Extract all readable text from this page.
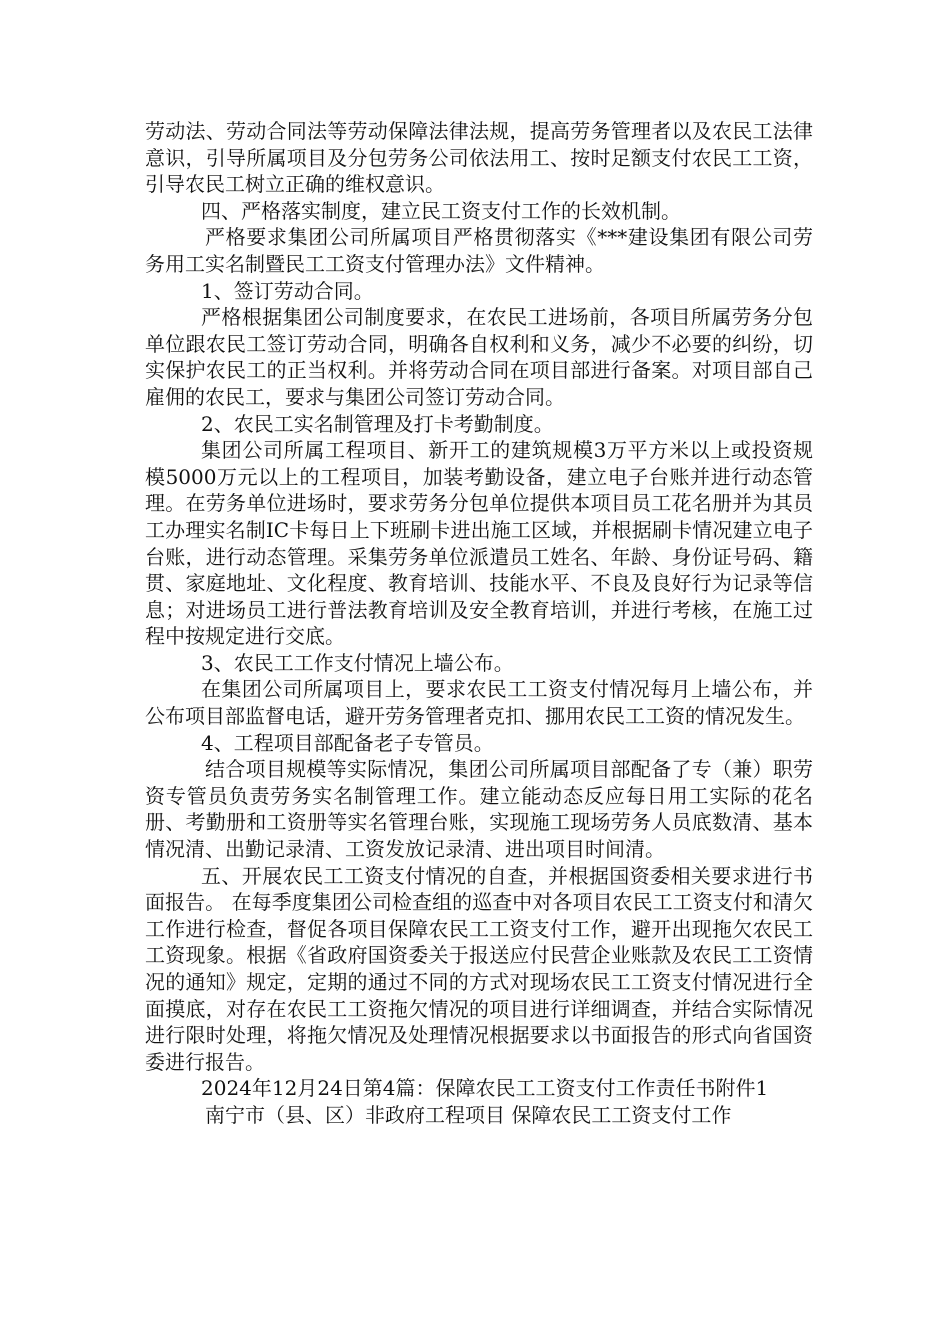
劳动法、劳动合同法等劳动保障法律法规，提高劳务管理者以及农民工法律意识，引导所属项目及分包劳务公司依法用工、按时足额支付农民工工资，引导农民工树立正确的维权意识。

四、严格落实制度，建立民工资支付工作的长效机制。

严格要求集团公司所属项目严格贯彻落实《***建设集团有限公司劳务用工实名制暨民工工资支付管理办法》文件精神。

1、签订劳动合同。

严格根据集团公司制度要求，在农民工进场前，各项目所属劳务分包单位跟农民工签订劳动合同，明确各自权利和义务，减少不必要的纠纷，切实保护农民工的正当权利。并将劳动合同在项目部进行备案。对项目部自己雇佣的农民工，要求与集团公司签订劳动合同。

2、农民工实名制管理及打卡考勤制度。

集团公司所属工程项目、新开工的建筑规模3万平方米以上或投资规模5000万元以上的工程项目，加装考勤设备，建立电子台账并进行动态管理。在劳务单位进场时，要求劳务分包单位提供本项目员工花名册并为其员工办理实名制IC卡每日上下班刷卡进出施工区域，并根据刷卡情况建立电子台账，进行动态管理。采集劳务单位派遣员工姓名、年龄、身份证号码、籍贯、家庭地址、文化程度、教育培训、技能水平、不良及良好行为记录等信息；对进场员工进行普法教育培训及安全教育培训，并进行考核，在施工过程中按规定进行交底。

3、农民工工作支付情况上墙公布。

在集团公司所属项目上，要求农民工工资支付情况每月上墙公布，并公布项目部监督电话，避开劳务管理者克扣、挪用农民工工资的情况发生。

4、工程项目部配备老子专管员。

结合项目规模等实际情况，集团公司所属项目部配备了专（兼）职劳资专管员负责劳务实名制管理工作。建立能动态反应每日用工实际的花名册、考勤册和工资册等实名管理台账，实现施工现场劳务人员底数清、基本情况清、出勤记录清、工资发放记录清、进出项目时间清。

五、开展农民工工资支付情况的自查，并根据国资委相关要求进行书面报告。 在每季度集团公司检查组的巡查中对各项目农民工工资支付和清欠工作进行检查，督促各项目保障农民工工资支付工作，避开出现拖欠农民工工资现象。根据《省政府国资委关于报送应付民营企业账款及农民工工资情况的通知》规定，定期的通过不同的方式对现场农民工工资支付情况进行全面摸底，对存在农民工工资拖欠情况的项目进行详细调查，并结合实际情况进行限时处理，将拖欠情况及处理情况根据要求以书面报告的形式向省国资委进行报告。

2024年12月24日第4篇：保障农民工工资支付工作责任书附件1

南宁市（县、区）非政府工程项目 保障农民工工资支付工作
